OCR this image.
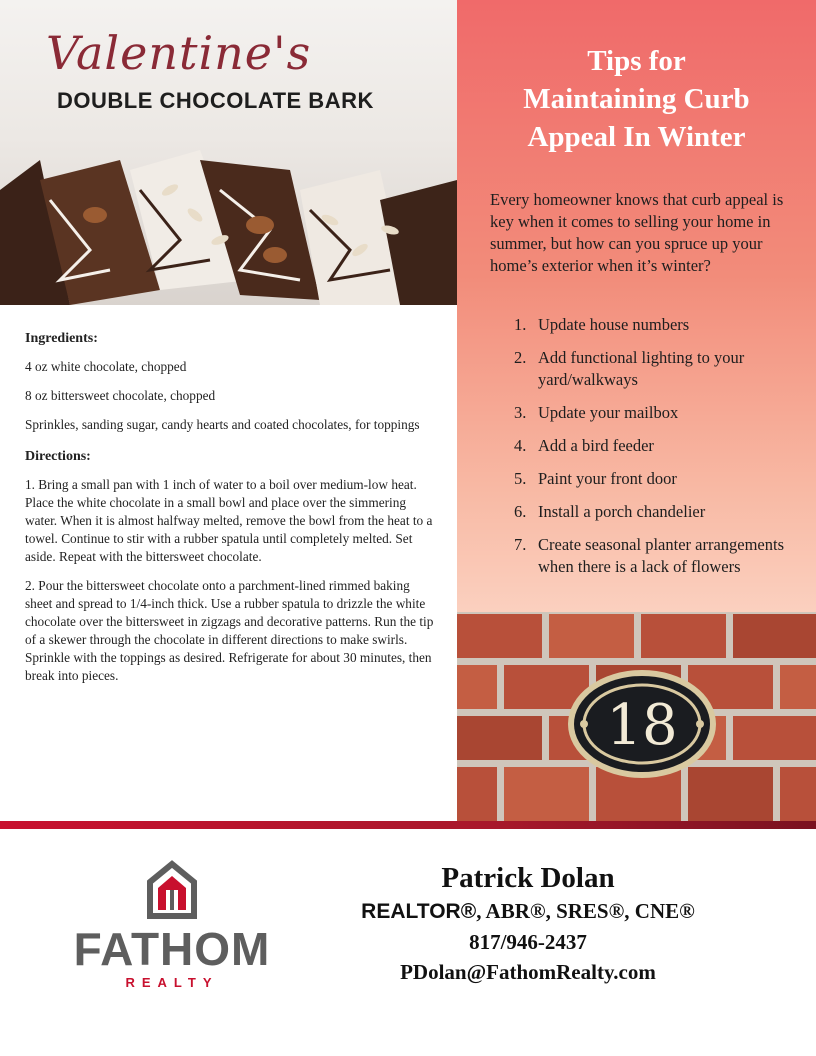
Valentine's
DOUBLE CHOCOLATE BARK
Ingredients:

4 oz white chocolate, chopped

8 oz bittersweet chocolate, chopped

Sprinkles, sanding sugar, candy hearts and coated chocolates, for toppings

Directions:

1. Bring a small pan with 1 inch of water to a boil over medium-low heat. Place the white chocolate in a small bowl and place over the simmering water. When it is almost halfway melted, remove the bowl from the heat to a towel. Continue to stir with a rubber spatula until completely melted. Set aside. Repeat with the bittersweet chocolate.

2. Pour the bittersweet chocolate onto a parchment-lined rimmed baking sheet and spread to 1/4-inch thick. Use a rubber spatula to drizzle the white chocolate over the bittersweet in zigzags and decorative patterns. Run the tip of a skewer through the chocolate in different directions to make swirls. Sprinkle with the toppings as desired. Refrigerate for about 30 minutes, then break into pieces.

Tips for
Maintaining Curb
Appeal In Winter
Every homeowner knows that curb appeal is key when it comes to selling your home in summer, but how can you spruce up your home’s exterior when it’s winter?
1. Update house numbers
2. Add functional lighting to your yard/walkways
3. Update your mailbox
4. Add a bird feeder
5. Paint your front door
6. Install a porch chandelier
7. Create seasonal planter arrangements when there is a lack of flowers
18
FATHOM
REALTY
Patrick Dolan
REALTOR®, ABR®, SRES®, CNE®
817/946-2437
PDolan@FathomRealty.com
